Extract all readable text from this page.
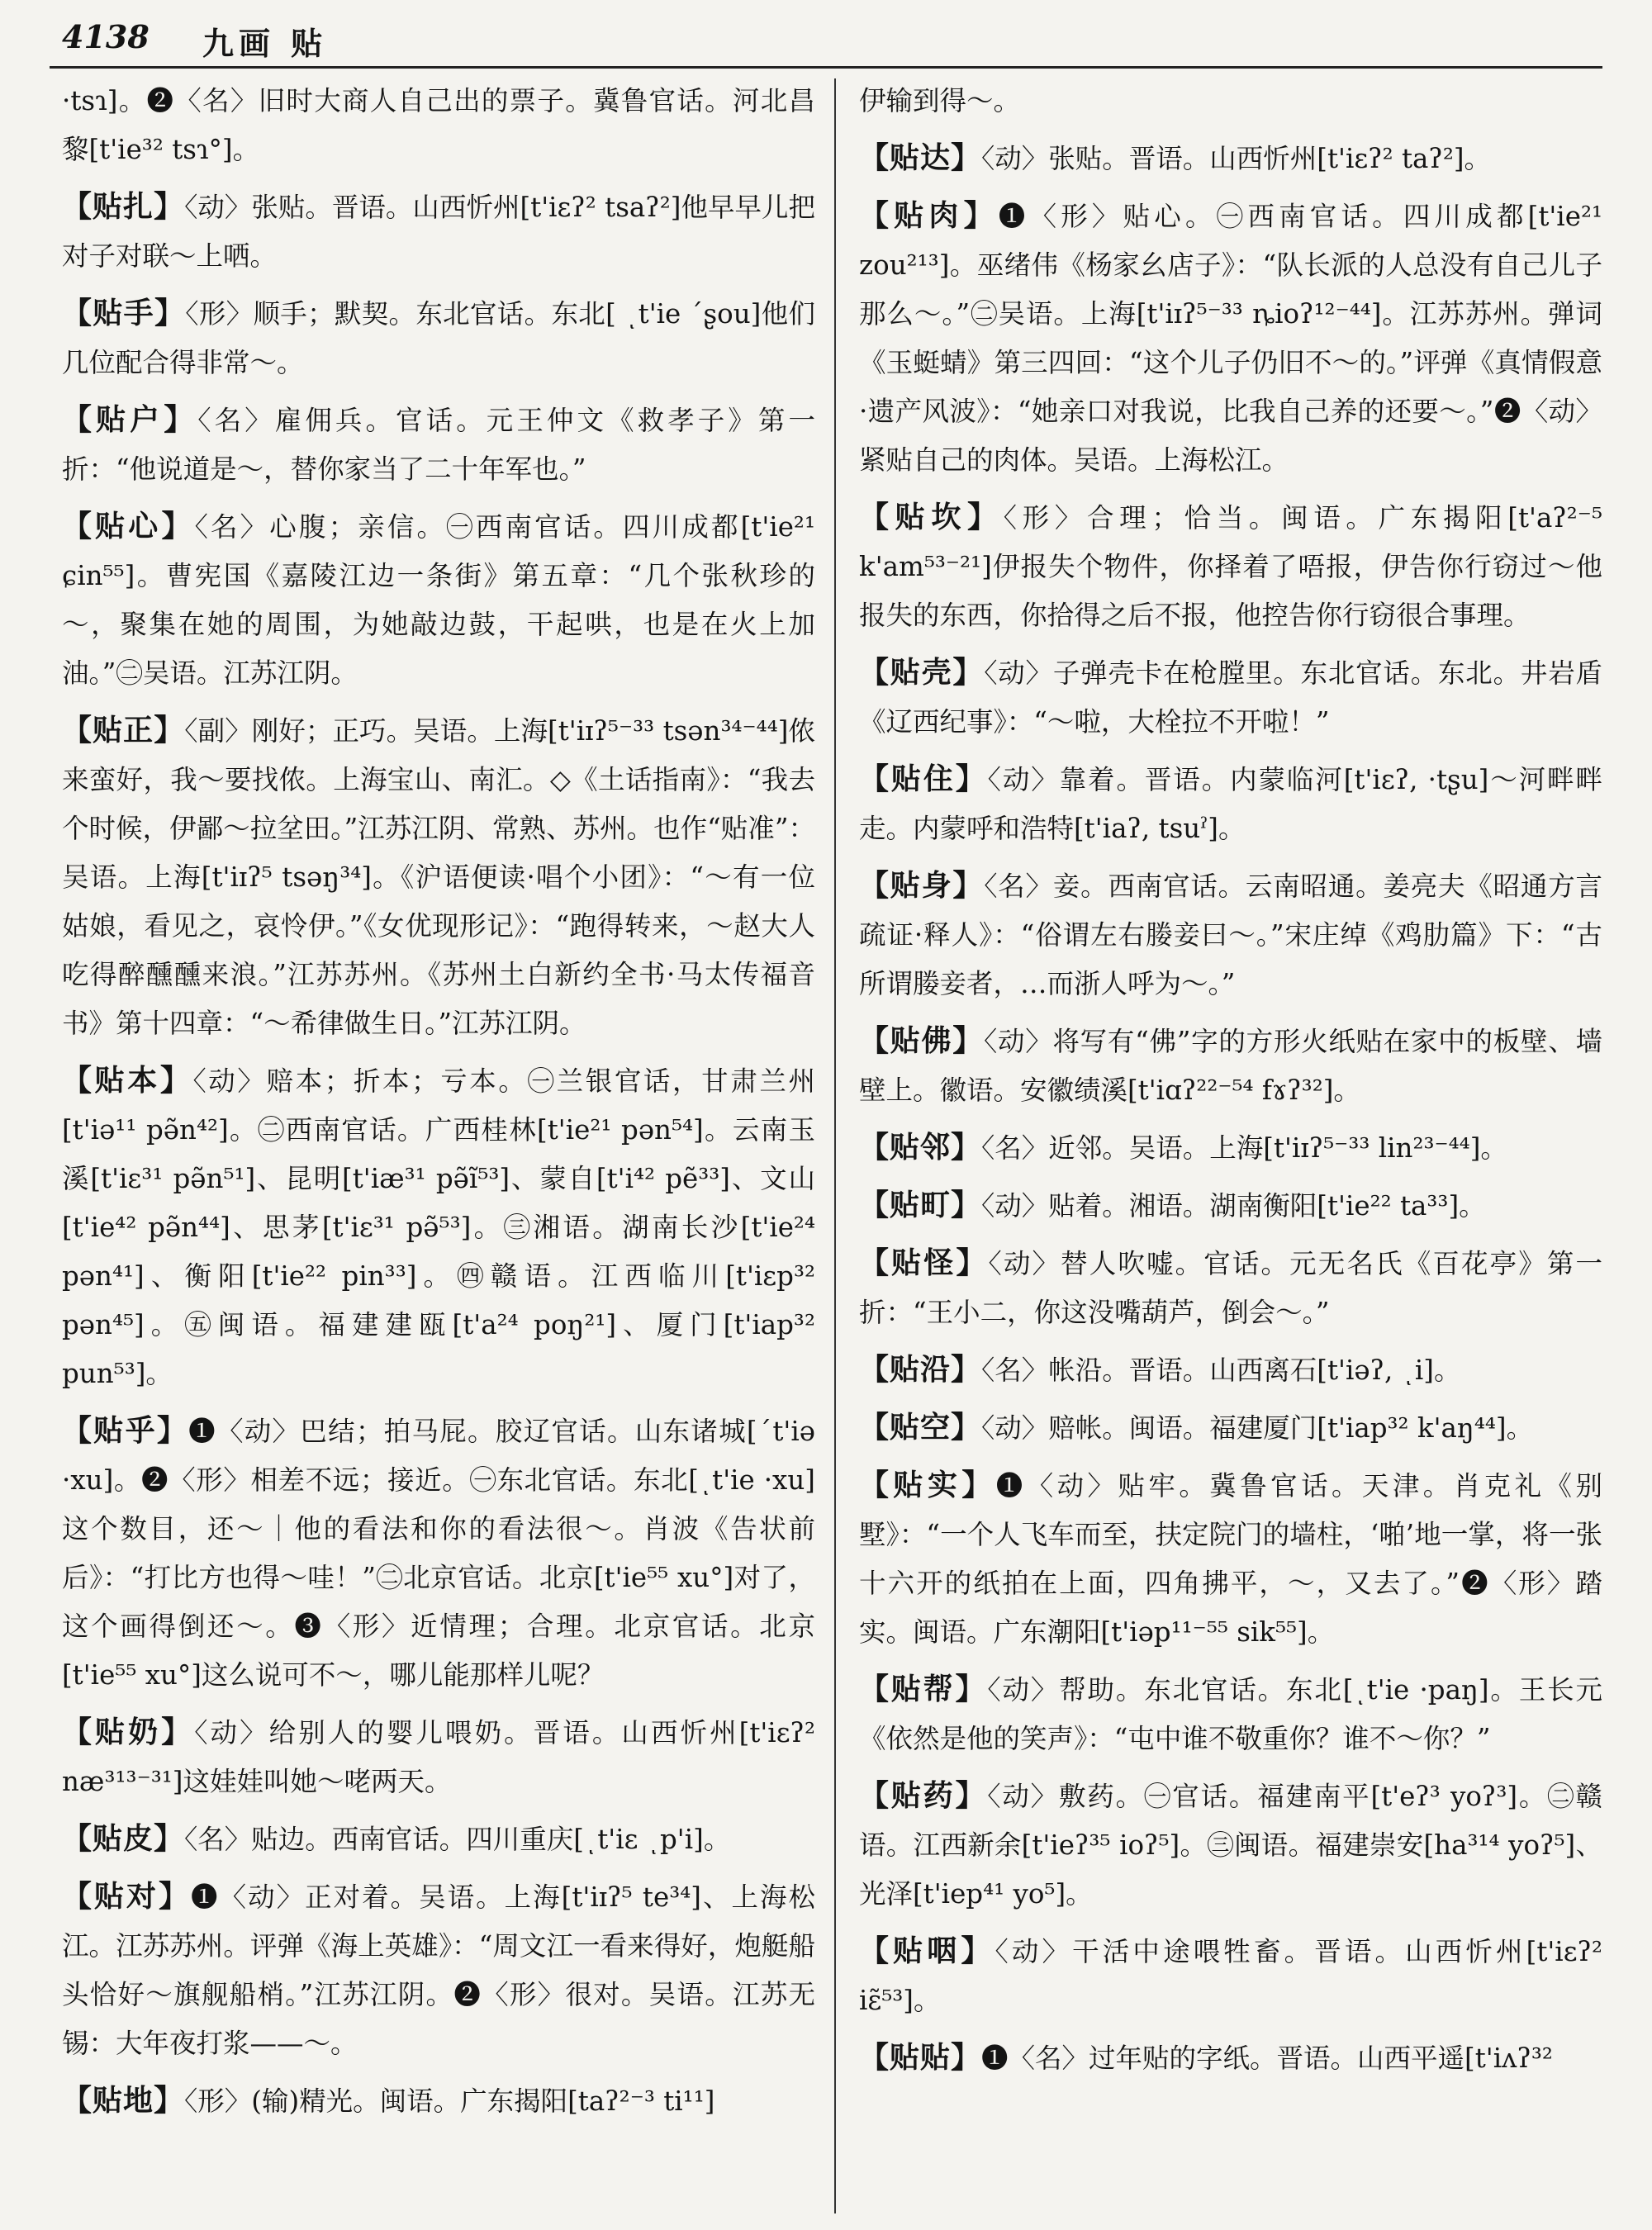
4138 九画 贴
·tsɿ]。❷〈名〉旧时大商人自己出的票子。冀鲁官话。河北昌黎[t'ie³² tsɿ°]。
【贴扎】〈动〉张贴。晋语。山西忻州[t'iɛʔ² tsaʔ²]他早早儿把对子对联～上哂。
【贴手】〈形〉顺手；默契。东北官话。东北[ ͺt'ie ˊʂou]他们几位配合得非常～。
【贴户】〈名〉雇佣兵。官话。元王仲文《救孝子》第一折：“他说道是～，替你家当了二十年军也。”
【贴心】〈名〉心腹；亲信。㊀西南官话。四川成都[t'ie²¹ ɕin⁵⁵]。曹宪国《嘉陵江边一条街》第五章：“几个张秋珍的～，聚集在她的周围，为她敲边鼓，干起哄，也是在火上加油。”㊁吴语。江苏江阴。
【贴正】〈副〉刚好；正巧。吴语。上海[t'iɪʔ⁵⁻³³ tsən³⁴⁻⁴⁴]侬来蛮好，我～要找侬。上海宝山、南汇。◇《土话指南》：“我去个时候，伊鄙～拉坌田。”江苏江阴、常熟、苏州。也作“贴准”：吴语。上海[t'iɪʔ⁵ tsəŋ³⁴]。《沪语便读·唱个小团》：“～有一位姑娘，看见之，哀怜伊。”《女优现形记》：“跑得转来，～赵大人吃得醉醺醺来浪。”江苏苏州。《苏州土白新约全书·马太传福音书》第十四章：“～希律做生日。”江苏江阴。
【贴本】〈动〉赔本；折本；亏本。㊀兰银官话，甘肃兰州[t'iə¹¹ pə̃n⁴²]。㊁西南官话。广西桂林[t'ie²¹ pən⁵⁴]。云南玉溪[t'iɛ³¹ pə̃n⁵¹]、昆明[t'iæ³¹ pə̃ĩ⁵³]、蒙自[t'i⁴² pẽ³³]、文山[t'ie⁴² pə̃n⁴⁴]、思茅[t'iɛ³¹ pə̃⁵³]。㊂湘语。湖南长沙[t'ie²⁴ pən⁴¹]、衡阳[t'ie²² pin³³]。㊃赣语。江西临川[t'iɛp³² pən⁴⁵]。㊄闽语。福建建瓯[t'a²⁴ poŋ²¹]、厦门[t'iap³² pun⁵³]。
【贴乎】❶〈动〉巴结；拍马屁。胶辽官话。山东诸城[ˊt'iə ·xu]。❷〈形〉相差不远；接近。㊀东北官话。东北[ͺt'ie ·xu]这个数目，还～｜他的看法和你的看法很～。肖波《告状前后》：“打比方也得～哇！”㊁北京官话。北京[t'ie⁵⁵ xu°]对了，这个画得倒还～。❸〈形〉近情理；合理。北京官话。北京[t'ie⁵⁵ xu°]这么说可不～，哪儿能那样儿呢？
【贴奶】〈动〉给别人的婴儿喂奶。晋语。山西忻州[t'iɛʔ² næ³¹³⁻³¹]这娃娃叫她～咾两天。
【贴皮】〈名〉贴边。西南官话。四川重庆[ͺt'iɛ ͺp'i]。
【贴对】❶〈动〉正对着。吴语。上海[t'iɪʔ⁵ te³⁴]、上海松江。江苏苏州。评弹《海上英雄》：“周文江一看来得好，炮艇船头恰好～旗舰船梢。”江苏江阴。❷〈形〉很对。吴语。江苏无锡：大年夜打浆——～。
【贴地】〈形〉(输)精光。闽语。广东揭阳[taʔ²⁻³ ti¹¹]
伊输到得～。
【贴达】〈动〉张贴。晋语。山西忻州[t'iɛʔ² taʔ²]。
【贴肉】❶〈形〉贴心。㊀西南官话。四川成都[t'ie²¹ zou²¹³]。巫绪伟《杨家幺店子》：“队长派的人总没有自己儿子那么～。”㊁吴语。上海[t'iɪʔ⁵⁻³³ ȵioʔ¹²⁻⁴⁴]。江苏苏州。弹词《玉蜓蜻》第三四回：“这个儿子仍旧不～的。”评弹《真情假意·遗产风波》：“她亲口对我说，比我自己养的还要～。”❷〈动〉紧贴自己的肉体。吴语。上海松江。
【贴坎】〈形〉合理；恰当。闽语。广东揭阳[t'aʔ²⁻⁵ k'am⁵³⁻²¹]伊报失个物件，你择着了唔报，伊告你行窃过～他报失的东西，你拾得之后不报，他控告你行窃很合事理。
【贴壳】〈动〉子弹壳卡在枪膛里。东北官话。东北。井岩盾《辽西纪事》：“～啦，大栓拉不开啦！”
【贴住】〈动〉靠着。晋语。内蒙临河[t'iɛʔ, ·tʂu]～河畔畔走。内蒙呼和浩特[t'iaʔ, tsuˀ]。
【贴身】〈名〉妾。西南官话。云南昭通。姜亮夫《昭通方言疏证·释人》：“俗谓左右媵妾曰～。”宋庄绰《鸡肋篇》下：“古所谓媵妾者，…而浙人呼为～。”
【贴佛】〈动〉将写有“佛”字的方形火纸贴在家中的板壁、墙壁上。徽语。安徽绩溪[t'iɑʔ²²⁻⁵⁴ fɤʔ³²]。
【贴邻】〈名〉近邻。吴语。上海[t'iɪʔ⁵⁻³³ lin²³⁻⁴⁴]。
【贴町】〈动〉贴着。湘语。湖南衡阳[t'ie²² ta³³]。
【贴怪】〈动〉替人吹嘘。官话。元无名氏《百花亭》第一折：“王小二，你这没嘴葫芦，倒会～。”
【贴沿】〈名〉帐沿。晋语。山西离石[t'iəʔ, ͺi]。
【贴空】〈动〉赔帐。闽语。福建厦门[t'iap³² k'aŋ⁴⁴]。
【贴实】❶〈动〉贴牢。冀鲁官话。天津。肖克礼《别墅》：“一个人飞车而至，扶定院门的墙柱，‘啪’地一掌，将一张十六开的纸拍在上面，四角拂平，～，又去了。”❷〈形〉踏实。闽语。广东潮阳[t'iəp¹¹⁻⁵⁵ sik⁵⁵]。
【贴帮】〈动〉帮助。东北官话。东北[ͺt'ie ·paŋ]。王长元《依然是他的笑声》：“屯中谁不敬重你？谁不～你？”
【贴药】〈动〉敷药。㊀官话。福建南平[t'eʔ³ yoʔ³]。㊁赣语。江西新余[t'ieʔ³⁵ ioʔ⁵]。㊂闽语。福建崇安[ha³¹⁴ yoʔ⁵]、光泽[t'iep⁴¹ yo⁵]。
【贴咽】〈动〉干活中途喂牲畜。晋语。山西忻州[t'iɛʔ² iɛ̃⁵³]。
【贴贴】❶〈名〉过年贴的字纸。晋语。山西平遥[t'iʌʔ³²
